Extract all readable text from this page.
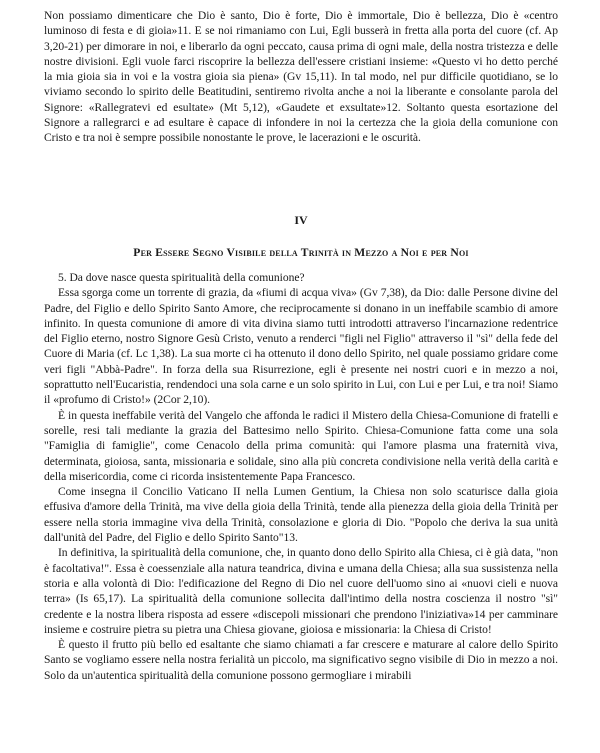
Non possiamo dimenticare che Dio è santo, Dio è forte, Dio è immortale, Dio è bellezza, Dio è «centro luminoso di festa e di gioia»11. E se noi rimaniamo con Lui, Egli busserà in fretta alla porta del cuore (cf. Ap 3,20-21) per dimorare in noi, e liberarlo da ogni peccato, causa prima di ogni male, della nostra tristezza e delle nostre divisioni. Egli vuole farci riscoprire la bellezza dell'essere cristiani insieme: «Questo vi ho detto perché la mia gioia sia in voi e la vostra gioia sia piena» (Gv 15,11). In tal modo, nel pur difficile quotidiano, se lo viviamo secondo lo spirito delle Beatitudini, sentiremo rivolta anche a noi la liberante e consolante parola del Signore: «Rallegratevi ed esultate» (Mt 5,12), «Gaudete et exsultate»12. Soltanto questa esortazione del Signore a rallegrarci e ad esultare è capace di infondere in noi la certezza che la gioia della comunione con Cristo e tra noi è sempre possibile nonostante le prove, le lacerazioni e le oscurità.

IV
Per Essere Segno Visibile della Trinità in Mezzo a Noi e per Noi

5. Da dove nasce questa spiritualità della comunione?

Essa sgorga come un torrente di grazia, da «fiumi di acqua viva» (Gv 7,38), da Dio: dalle Persone divine del Padre, del Figlio e dello Spirito Santo Amore, che reciprocamente si donano in un ineffabile scambio di amore infinito. In questa comunione di amore di vita divina siamo tutti introdotti attraverso l'incarnazione redentrice del Figlio eterno, nostro Signore Gesù Cristo, venuto a renderci "figli nel Figlio" attraverso il "sì" della fede del Cuore di Maria (cf. Lc 1,38). La sua morte ci ha ottenuto il dono dello Spirito, nel quale possiamo gridare come veri figli "Abbà-Padre". In forza della sua Risurrezione, egli è presente nei nostri cuori e in mezzo a noi, soprattutto nell'Eucaristia, rendendoci una sola carne e un solo spirito in Lui, con Lui e per Lui, e tra noi! Siamo il «profumo di Cristo!» (2Cor 2,10).

È in questa ineffabile verità del Vangelo che affonda le radici il Mistero della Chiesa-Comunione di fratelli e sorelle, resi tali mediante la grazia del Battesimo nello Spirito. Chiesa-Comunione fatta come una sola "Famiglia di famiglie", come Cenacolo della prima comunità: qui l'amore plasma una fraternità viva, determinata, gioiosa, santa, missionaria e solidale, sino alla più concreta condivisione nella verità della carità e della misericordia, come ci ricorda insistentemente Papa Francesco.

Come insegna il Concilio Vaticano II nella Lumen Gentium, la Chiesa non solo scaturisce dalla gioia effusiva d'amore della Trinità, ma vive della gioia della Trinità, tende alla pienezza della gioia della Trinità per essere nella storia immagine viva della Trinità, consolazione e gloria di Dio. "Popolo che deriva la sua unità dall'unità del Padre, del Figlio e dello Spirito Santo"13.

In definitiva, la spiritualità della comunione, che, in quanto dono dello Spirito alla Chiesa, ci è già data, "non è facoltativa!". Essa è coessenziale alla natura teandrica, divina e umana della Chiesa; alla sua sussistenza nella storia e alla volontà di Dio: l'edificazione del Regno di Dio nel cuore dell'uomo sino ai «nuovi cieli e nuova terra» (Is 65,17). La spiritualità della comunione sollecita dall'intimo della nostra coscienza il nostro "sì" credente e la nostra libera risposta ad essere «discepoli missionari che prendono l'iniziativa»14 per camminare insieme e costruire pietra su pietra una Chiesa giovane, gioiosa e missionaria: la Chiesa di Cristo!

È questo il frutto più bello ed esaltante che siamo chiamati a far crescere e maturare al calore dello Spirito Santo se vogliamo essere nella nostra ferialità un piccolo, ma significativo segno visibile di Dio in mezzo a noi. Solo da un'autentica spiritualità della comunione possono germogliare i mirabili
